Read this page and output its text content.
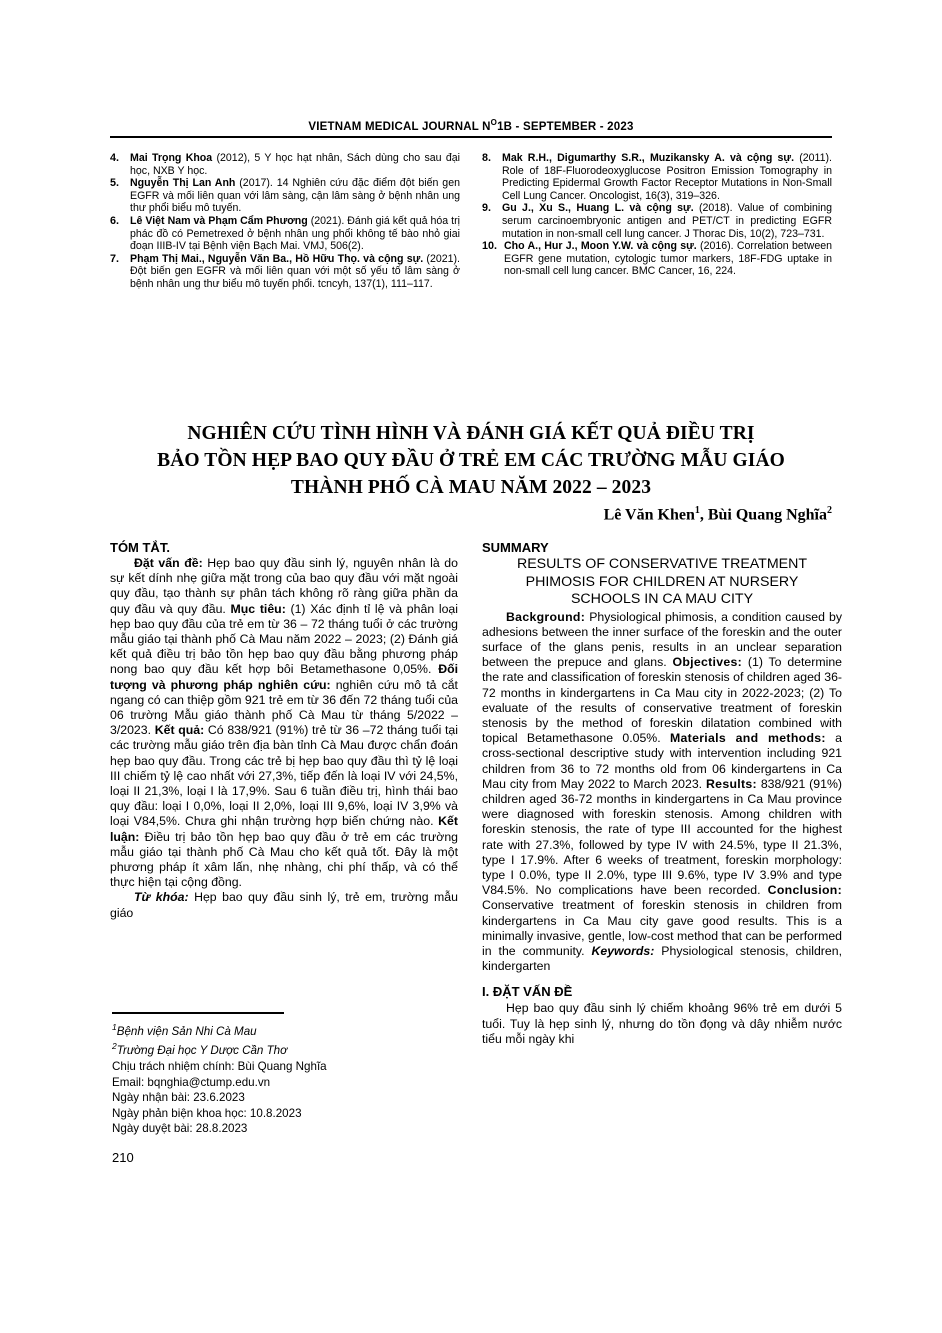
VIETNAM MEDICAL JOURNAL $N^O1B$ - SEPTEMBER - 2023
4.	Mai Trọng Khoa (2012), 5 Y học hạt nhân, Sách dùng cho sau đại học, NXB Y học.
5.	Nguyễn Thị Lan Anh (2017). 14 Nghiên cứu đặc điểm đột biến gen EGFR và mối liên quan với lâm sàng, cận lâm sàng ở bệnh nhân ung thư phổi biểu mô tuyến.
6.	Lê Việt Nam và Phạm Cẩm Phương (2021). Đánh giá kết quả hóa trị phác đồ có Pemetrexed ở bệnh nhân ung phổi không tế bào nhỏ giai đoạn IIIB-IV tại Bệnh viện Bạch Mai. VMJ, 506(2).
7.	Phạm Thị Mai., Nguyễn Văn Ba., Hồ Hữu Thọ. và cộng sự. (2021). Đột biến gen EGFR và mối liên quan với một số yếu tố lâm sàng ở bệnh nhân ung thư biểu mô tuyến phổi. tcncyh, 137(1), 111–117.
8.	Mak R.H., Digumarthy S.R., Muzikansky A. và cộng sự. (2011). Role of 18F-Fluorodeoxyglucose Positron Emission Tomography in Predicting Epidermal Growth Factor Receptor Mutations in Non-Small Cell Lung Cancer. Oncologist, 16(3), 319–326.
9.	Gu J., Xu S., Huang L. và cộng sự. (2018). Value of combining serum carcinoembryonic antigen and PET/CT in predicting EGFR mutation in non-small cell lung cancer. J Thorac Dis, 10(2), 723–731.
10. Cho A., Hur J., Moon Y.W. và cộng sự. (2016). Correlation between EGFR gene mutation, cytologic tumor markers, 18F-FDG uptake in non-small cell lung cancer. BMC Cancer, 16, 224.
NGHIÊN CỨU TÌNH HÌNH VÀ ĐÁNH GIÁ KẾT QUẢ ĐIỀU TRỊ
BẢO TỒN HẸP BAO QUY ĐẦU Ở TRẺ EM CÁC TRƯỜNG MẪU GIÁO
THÀNH PHỐ CÀ MAU NĂM 2022 – 2023
Lê Văn Khen$^1$, Bùi Quang Nghĩa$^2$
TÓM TẮT.

Đặt vấn đề: Hẹp bao quy đầu sinh lý, nguyên nhân là do sự kết dính nhẹ giữa mặt trong của bao quy đầu với mặt ngoài quy đầu, tạo thành sự phân tách không rõ ràng giữa phần da quy đầu và quy đầu. Mục tiêu: (1) Xác định tỉ lệ và phân loại hẹp bao quy đầu của trẻ em từ 36 – 72 tháng tuổi ở các trường mẫu giáo tại thành phố Cà Mau năm 2022 – 2023; (2) Đánh giá kết quả điều trị bảo tồn hẹp bao quy đầu bằng phương pháp nong bao quy đầu kết hợp bôi Betamethasone 0,05%. Đối tượng và phương pháp nghiên cứu: nghiên cứu mô tả cắt ngang có can thiệp gồm 921 trẻ em từ 36 đến 72 tháng tuổi của 06 trường Mẫu giáo thành phố Cà Mau từ tháng 5/2022 – 3/2023. Kết quả: Có 838/921 (91%) trẻ từ 36 –72 tháng tuổi tại các trường mẫu giáo trên địa bàn tỉnh Cà Mau được chẩn đoán hẹp bao quy đầu. Trong các trẻ bị hẹp bao quy đầu thì tỷ lệ loại III chiếm tỷ lệ cao nhất với 27,3%, tiếp đến là loại IV với 24,5%, loại II 21,3%, loại I là 17,9%. Sau 6 tuần điều trị, hình thái bao quy đầu: loại I 0,0%, loại II 2,0%, loại III 9,6%, loại IV 3,9% và loại V84,5%. Chưa ghi nhận trường hợp biến chứng nào. Kết luận: Điều trị bảo tồn hẹp bao quy đầu ở trẻ em các trường mẫu giáo tại thành phố Cà Mau cho kết quả tốt. Đây là một phương pháp ít xâm lấn, nhẹ nhàng, chi phí thấp, và có thể thực hiện tại cộng đồng.

Từ khóa: Hẹp bao quy đầu sinh lý, trẻ em, trường mẫu giáo

SUMMARY
RESULTS OF CONSERVATIVE TREATMENT
PHIMOSIS FOR CHILDREN AT NURSERY
SCHOOLS IN CA MAU CITY

Background: Physiological phimosis, a condition caused by adhesions between the inner surface of the foreskin and the outer surface of the glans penis, results in an unclear separation between the prepuce and glans. Objectives: (1) To determine the rate and classification of foreskin stenosis of children aged 36-72 months in kindergartens in Ca Mau city in 2022-2023; (2) To evaluate of the results of conservative treatment of foreskin stenosis by the method of foreskin dilatation combined with topical Betamethasone 0.05%. Materials and methods: a cross-sectional descriptive study with intervention including 921 children from 36 to 72 months old from 06 kindergartens in Ca Mau city from May 2022 to March 2023. Results: 838/921 (91%) children aged 36-72 months in kindergartens in Ca Mau province were diagnosed with foreskin stenosis. Among children with foreskin stenosis, the rate of type III accounted for the highest rate with 27.3%, followed by type IV with 24.5%, type II 21.3%, type I 17.9%. After 6 weeks of treatment, foreskin morphology: type I 0.0%, type II 2.0%, type III 9.6%, type IV 3.9% and type V84.5%. No complications have been recorded. Conclusion: Conservative treatment of foreskin stenosis in children from kindergartens in Ca Mau city gave good results. This is a minimally invasive, gentle, low-cost method that can be performed in the community. Keywords: Physiological stenosis, children, kindergarten

I. ĐẶT VẤN ĐỀ

Hẹp bao quy đầu sinh lý chiếm khoảng 96% trẻ em dưới 5 tuổi. Tuy là hẹp sinh lý, nhưng do tồn đọng và dây nhiễm nước tiểu mỗi ngày khi

$^1$Bệnh viện Sản Nhi Cà Mau
$^2$Trường Đại học Y Dược Cần Thơ
Chịu trách nhiệm chính: Bùi Quang Nghĩa
Email: bqnghia@ctump.edu.vn
Ngày nhận bài: 23.6.2023
Ngày phản biện khoa học: 10.8.2023
Ngày duyệt bài: 28.8.2023
210
